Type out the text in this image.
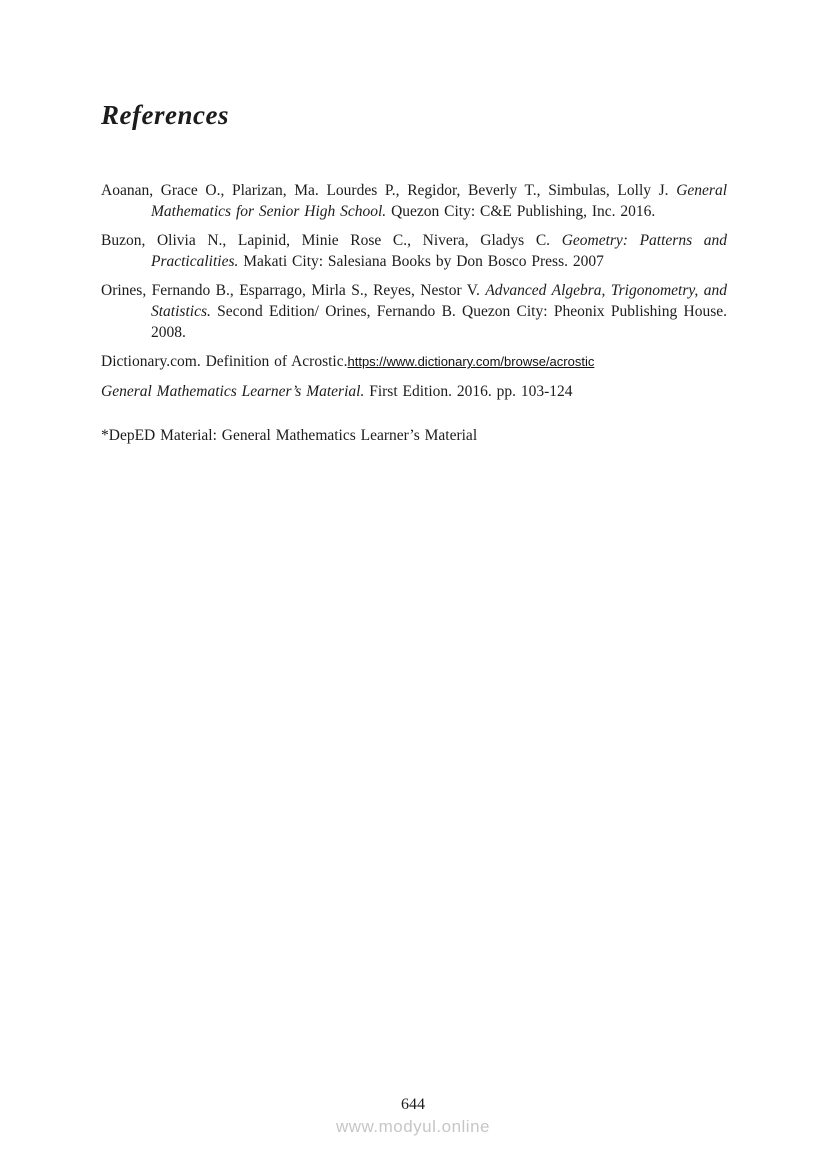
References

Aoanan, Grace O., Plarizan, Ma. Lourdes P., Regidor, Beverly T., Simbulas, Lolly J. General Mathematics for Senior High School. Quezon City: C&E Publishing, Inc. 2016.

Buzon, Olivia N., Lapinid, Minie Rose C., Nivera, Gladys C. Geometry: Patterns and Practicalities. Makati City: Salesiana Books by Don Bosco Press. 2007

Orines, Fernando B., Esparrago, Mirla S., Reyes, Nestor V. Advanced Algebra, Trigonometry, and Statistics. Second Edition/ Orines, Fernando B. Quezon City: Pheonix Publishing House. 2008.

Dictionary.com. Definition of Acrostic.https://www.dictionary.com/browse/acrostic

General Mathematics Learner’s Material. First Edition. 2016. pp. 103-124

*DepED Material: General Mathematics Learner’s Material

644
www.modyul.online
